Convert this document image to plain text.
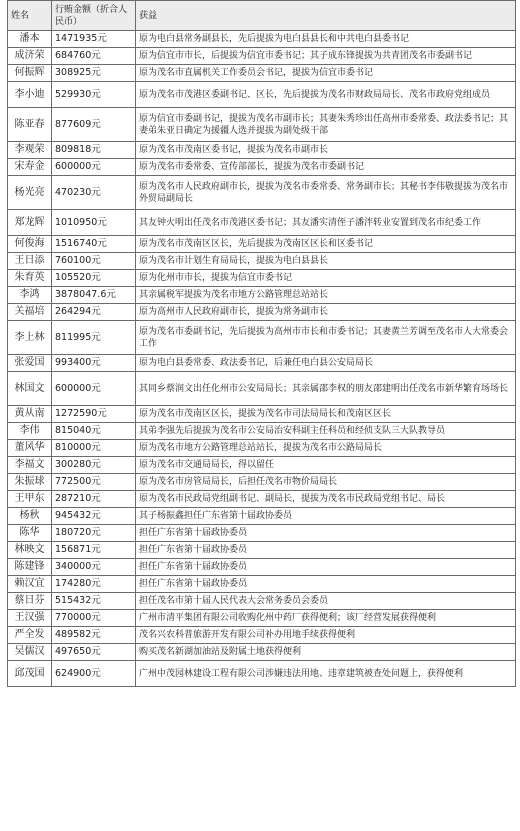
姓名	行贿金额（折合人民币）	获益
潘本	1471935元	原为电白县常务副县长，先后提拔为电白县县长和中共电白县委书记
成济荣	684760元	原为信宜市市长，后提拔为信宜市委书记；其子成东锋提拔为共青团茂名市委副书记
何振辉	308925元	原为茂名市直属机关工作委员会书记，提拔为信宜市委书记
李小迪	529930元	原为茂名市茂港区委副书记、区长，先后提拔为茂名市财政局局长、茂名市政府党组成员
陈亚春	877609元	原为信宜市委副书记，提拔为茂名市副市长；其妻朱秀珍出任高州市委常委、政法委书记；其妻弟朱亚日确定为援疆人选并提拔为副处级干部
李观荣	809818元	原为茂名市茂南区委书记，提拔为茂名市副市长
宋寿金	600000元	原为茂名市委常委、宣传部部长，提拔为茂名市委副书记
杨光亮	470230元	原为茂名市人民政府副市长，提拔为茂名市委常委、常务副市长；其秘书李伟敬提拔为茂名市外贸局副局长
郑龙辉	1010950元	其友钟火明出任茂名市茂港区委书记；其友潘实清侄子潘泮转业安置到茂名市纪委工作
何俊海	1516740元	原为茂名市茂南区区长，先后提拔为茂南区区长和区委书记
王日添	760100元	原为茂名市计划生育局局长，提拔为电白县县长
朱育英	105520元	原为化州市市长，提拔为信宜市委书记
李鸿	3878047.6元	其亲属税军提拔为茂名市地方公路管理总站站长
关福培	264294元	原为高州市人民政府副市长，提拔为常务副市长
李上林	811995元	原为茂名市委副书记，先后提拔为高州市市长和市委书记；其妻黄兰芳调至茂名市人大常委会工作
张爱国	993400元	原为电白县委常委、政法委书记，后兼任电白县公安局局长
林国文	600000元	其同乡蔡润文出任化州市公安局局长；其亲属邵李权的朋友邵建明出任茂名市新华繁育场场长
黄从南	1272590元	原为茂名市茂南区区长，提拔为茂名市司法局局长和茂南区区长
李伟	815040元	其弟李强先后提拔为茂名市公安局治安科副主任科员和经侦支队三大队教导员
董风华	810000元	原为茂名市地方公路管理总站站长，提拔为茂名市公路局局长
李福文	300280元	原为茂名市交通局局长，得以留任
朱振球	772500元	原为茂名市房管局局长，后担任茂名市物价局局长
王甲东	287210元	原为茂名市民政局党组副书记、副局长，提拔为茂名市民政局党组书记、局长
杨秋	945432元	其子杨振鑫担任广东省第十届政协委员
陈华	180720元	担任广东省第十届政协委员
林映文	156871元	担任广东省第十届政协委员
陈建锋	340000元	担任广东省第十届政协委员
赖汉宜	174280元	担任广东省第十届政协委员
蔡日芬	515432元	担任茂名市第十届人民代表大会常务委员会委员
王汉强	770000元	广州市清平集团有限公司收购化州中药厂获得便利；该厂经营发展获得便利
严全发	489582元	茂名兴农科普旅游开发有限公司补办用地手续获得便利
吴儒汉	497650元	购买茂名新湖加油站及附属土地获得便利
邱茂国	624900元	广州中茂园林建设工程有限公司涉嫌违法用地、违章建筑被查处问题上，获得便利
